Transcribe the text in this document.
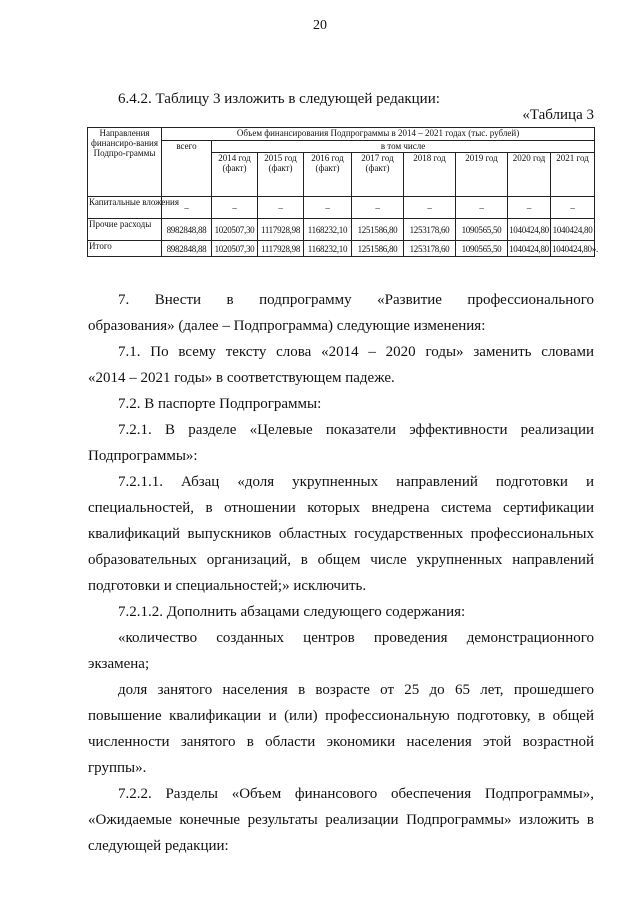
20
6.4.2. Таблицу 3 изложить в следующей редакции:
«Таблица 3
Направления финансиро-вания Подпро-граммы	Объем финансирования Подпрограммы в 2014 – 2021 годах (тыс. рублей)								
	всего	в том числе							
		2014 год (факт)	2015 год (факт)	2016 год (факт)	2017 год (факт)	2018 год	2019 год	2020 год	2021 год
Капитальные вложения	–	–	–	–	–	–	–	–	–
Прочие расходы	8982848,88	1020507,30	1117928,98	1168232,10	1251586,80	1253178,60	1090565,50	1040424,80	1040424,80
Итого	8982848,88	1020507,30	1117928,98	1168232,10	1251586,80	1253178,60	1090565,50	1040424,80	1040424,80».
7. Внести в подпрограмму «Развитие профессионального
образования» (далее – Подпрограмма) следующие изменения:
7.1. По всему тексту слова «2014 – 2020 годы» заменить словами
«2014 – 2021 годы» в соответствующем падеже.
7.2. В паспорте Подпрограммы:
7.2.1. В разделе «Целевые показатели эффективности реализации
Подпрограммы»:
7.2.1.1. Абзац «доля укрупненных направлений подготовки и
специальностей, в отношении которых внедрена система сертификации
квалификаций выпускников областных государственных профессиональных
образовательных организаций, в общем числе укрупненных направлений
подготовки и специальностей;» исключить.
7.2.1.2. Дополнить абзацами следующего содержания:
«количество созданных центров проведения демонстрационного
экзамена;
доля занятого населения в возрасте от 25 до 65 лет, прошедшего
повышение квалификации и (или) профессиональную подготовку, в общей
численности занятого в области экономики населения этой возрастной
группы».
7.2.2. Разделы «Объем финансового обеспечения Подпрограммы»,
«Ожидаемые конечные результаты реализации Подпрограммы» изложить в
следующей редакции:
